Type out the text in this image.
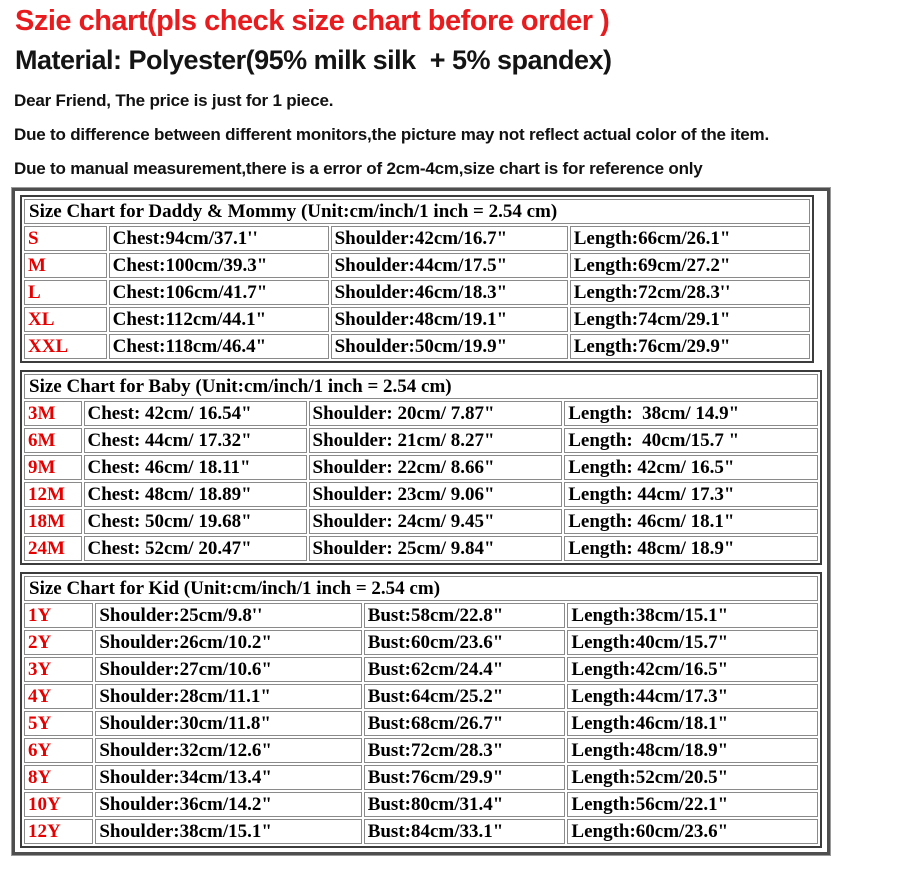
Szie chart(pls check size chart before order )
Material: Polyester(95% milk silk  + 5% spandex)

Dear Friend, The price is just for 1 piece.

Due to difference between different monitors,the picture may not reflect actual color of the item.

Due to manual measurement,there is a error of 2cm-4cm,size chart is for reference only

Size Chart for Daddy & Mommy (Unit:cm/inch/1 inch = 2.54 cm)			
S	Chest:94cm/37.1''	Shoulder:42cm/16.7"	Length:66cm/26.1"
M	Chest:100cm/39.3"	Shoulder:44cm/17.5"	Length:69cm/27.2"
L	Chest:106cm/41.7"	Shoulder:46cm/18.3"	Length:72cm/28.3''
XL	Chest:112cm/44.1"	Shoulder:48cm/19.1"	Length:74cm/29.1"
XXL	Chest:118cm/46.4"	Shoulder:50cm/19.9"	Length:76cm/29.9"
Size Chart for Baby (Unit:cm/inch/1 inch = 2.54 cm)			
3M	Chest: 42cm/ 16.54"	Shoulder: 20cm/ 7.87"	Length:  38cm/ 14.9"
6M	Chest: 44cm/ 17.32"	Shoulder: 21cm/ 8.27"	Length:  40cm/15.7 "
9M	Chest: 46cm/ 18.11"	Shoulder: 22cm/ 8.66"	Length: 42cm/ 16.5"
12M	Chest: 48cm/ 18.89"	Shoulder: 23cm/ 9.06"	Length: 44cm/ 17.3"
18M	Chest: 50cm/ 19.68"	Shoulder: 24cm/ 9.45"	Length: 46cm/ 18.1"
24M	Chest: 52cm/ 20.47"	Shoulder: 25cm/ 9.84"	Length: 48cm/ 18.9"
Size Chart for Kid (Unit:cm/inch/1 inch = 2.54 cm)			
1Y	Shoulder:25cm/9.8''	Bust:58cm/22.8"	Length:38cm/15.1"
2Y	Shoulder:26cm/10.2"	Bust:60cm/23.6"	Length:40cm/15.7"
3Y	Shoulder:27cm/10.6"	Bust:62cm/24.4"	Length:42cm/16.5"
4Y	Shoulder:28cm/11.1"	Bust:64cm/25.2"	Length:44cm/17.3"
5Y	Shoulder:30cm/11.8"	Bust:68cm/26.7"	Length:46cm/18.1"
6Y	Shoulder:32cm/12.6"	Bust:72cm/28.3"	Length:48cm/18.9"
8Y	Shoulder:34cm/13.4"	Bust:76cm/29.9"	Length:52cm/20.5"
10Y	Shoulder:36cm/14.2"	Bust:80cm/31.4"	Length:56cm/22.1"
12Y	Shoulder:38cm/15.1"	Bust:84cm/33.1"	Length:60cm/23.6"
